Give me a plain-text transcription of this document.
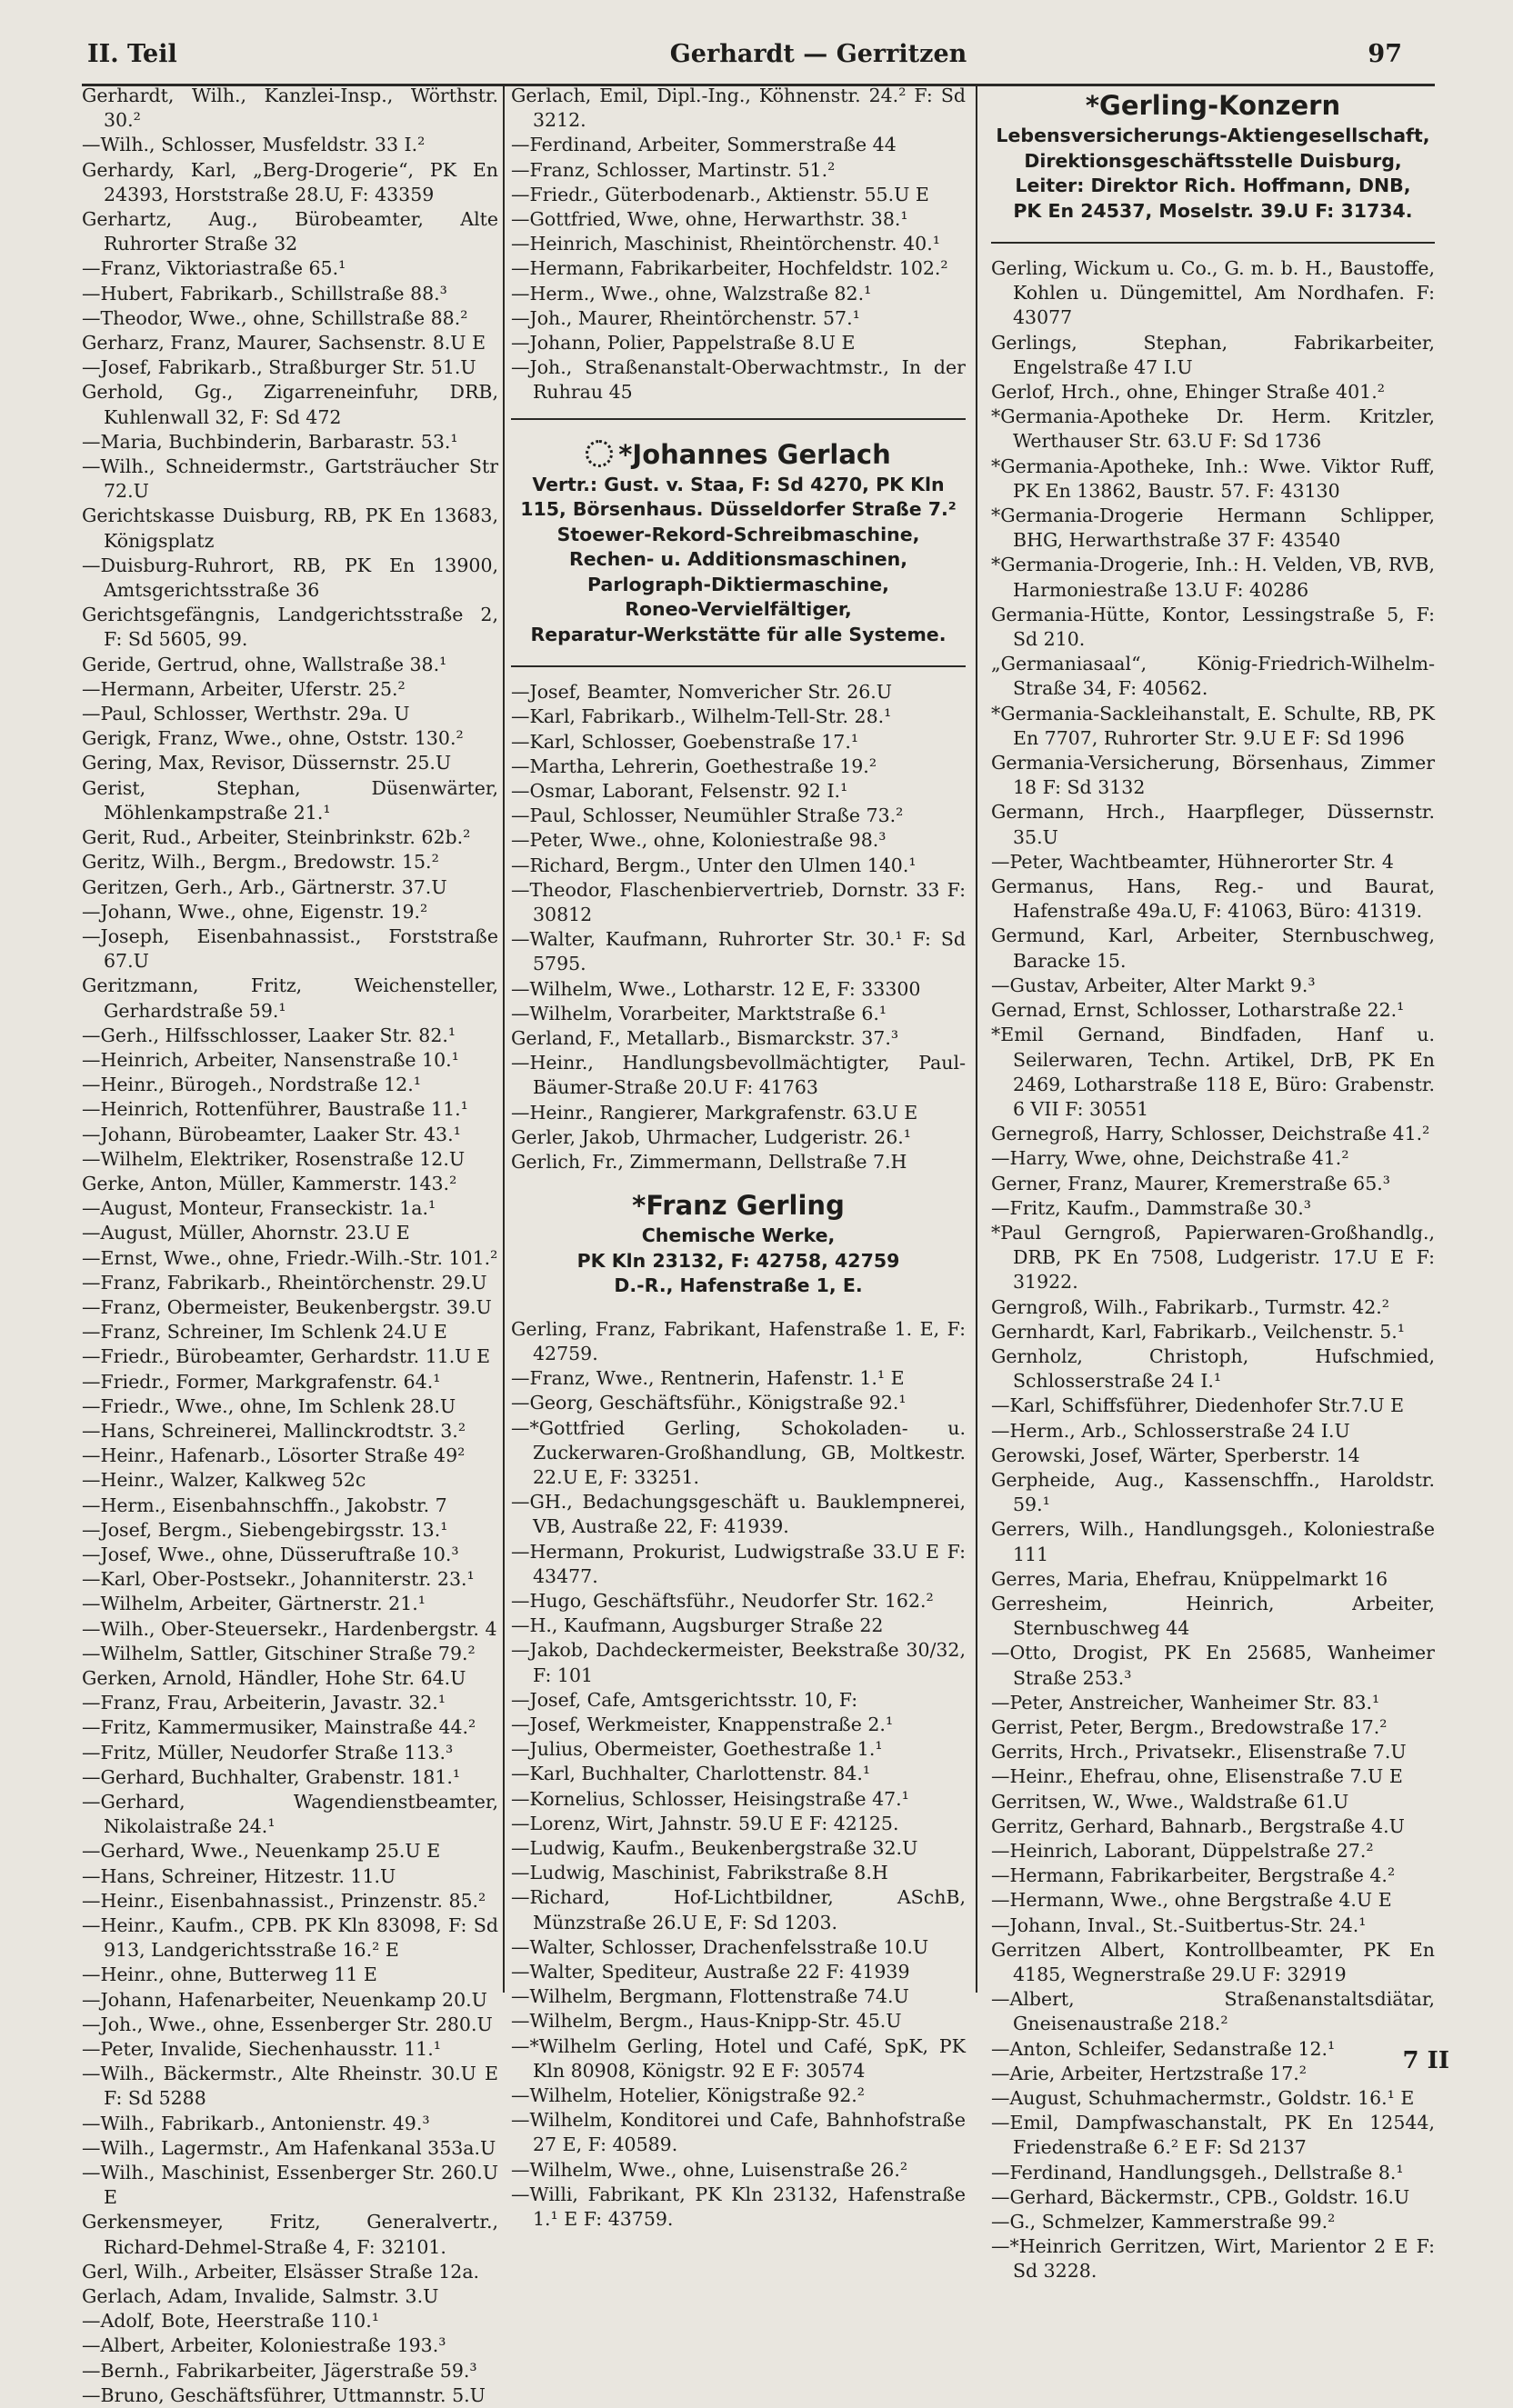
II. Teil	Gerhardt — Gerritzen	97
Gerhardt, Wilh., Kanzlei-Insp., Wörthstr. 30.²
—Wilh., Schlosser, Musfeldstr. 33 I.²
Gerhardy, Karl, „Berg-Drogerie“, PK En 24393, Horststraße 28.U, F: 43359
Gerhartz, Aug., Bürobeamter, Alte Ruhrorter Straße 32
—Franz, Viktoriastraße 65.¹
—Hubert, Fabrikarb., Schillstraße 88.³
—Theodor, Wwe., ohne, Schillstraße 88.²
Gerharz, Franz, Maurer, Sachsenstr. 8.U E
—Josef, Fabrikarb., Straßburger Str. 51.U
Gerhold, Gg., Zigarreneinfuhr, DRB, Kuhlenwall 32, F: Sd 472
—Maria, Buchbinderin, Barbarastr. 53.¹
—Wilh., Schneidermstr., Gartsträucher Str 72.U
Gerichtskasse Duisburg, RB, PK En 13683, Königsplatz
—Duisburg-Ruhrort, RB, PK En 13900, Amtsgerichtsstraße 36
Gerichtsgefängnis, Landgerichtsstraße 2, F: Sd 5605, 99.
Geride, Gertrud, ohne, Wallstraße 38.¹
—Hermann, Arbeiter, Uferstr. 25.²
—Paul, Schlosser, Werthstr. 29a. U
Gerigk, Franz, Wwe., ohne, Oststr. 130.²
Gering, Max, Revisor, Düssernstr. 25.U
Gerist, Stephan, Düsenwärter, Möhlenkampstraße 21.¹
Gerit, Rud., Arbeiter, Steinbrinkstr. 62b.²
Geritz, Wilh., Bergm., Bredowstr. 15.²
Geritzen, Gerh., Arb., Gärtnerstr. 37.U
—Johann, Wwe., ohne, Eigenstr. 19.²
—Joseph, Eisenbahnassist., Forststraße 67.U
Geritzmann, Fritz, Weichensteller, Gerhardstraße 59.¹
—Gerh., Hilfsschlosser, Laaker Str. 82.¹
—Heinrich, Arbeiter, Nansenstraße 10.¹
—Heinr., Bürogeh., Nordstraße 12.¹
—Heinrich, Rottenführer, Baustraße 11.¹
—Johann, Bürobeamter, Laaker Str. 43.¹
—Wilhelm, Elektriker, Rosenstraße 12.U
Gerke, Anton, Müller, Kammerstr. 143.²
—August, Monteur, Franseckistr. 1a.¹
—August, Müller, Ahornstr. 23.U E
—Ernst, Wwe., ohne, Friedr.-Wilh.-Str. 101.²
—Franz, Fabrikarb., Rheintörchenstr. 29.U
—Franz, Obermeister, Beukenbergstr. 39.U
—Franz, Schreiner, Im Schlenk 24.U E
—Friedr., Bürobeamter, Gerhardstr. 11.U E
—Friedr., Former, Markgrafenstr. 64.¹
—Friedr., Wwe., ohne, Im Schlenk 28.U
—Hans, Schreinerei, Mallinckrodtstr. 3.²
—Heinr., Hafenarb., Lösorter Straße 49²
—Heinr., Walzer, Kalkweg 52c
—Herm., Eisenbahnschffn., Jakobstr. 7
—Josef, Bergm., Siebengebirgsstr. 13.¹
—Josef, Wwe., ohne, Düsseruftraße 10.³
—Karl, Ober-Postsekr., Johanniterstr. 23.¹
—Wilhelm, Arbeiter, Gärtnerstr. 21.¹
—Wilh., Ober-Steuersekr., Hardenbergstr. 4
—Wilhelm, Sattler, Gitschiner Straße 79.²
Gerken, Arnold, Händler, Hohe Str. 64.U
—Franz, Frau, Arbeiterin, Javastr. 32.¹
—Fritz, Kammermusiker, Mainstraße 44.²
—Fritz, Müller, Neudorfer Straße 113.³
—Gerhard, Buchhalter, Grabenstr. 181.¹
—Gerhard, Wagendienstbeamter, Nikolaistraße 24.¹
—Gerhard, Wwe., Neuenkamp 25.U E
—Hans, Schreiner, Hitzestr. 11.U
—Heinr., Eisenbahnassist., Prinzenstr. 85.²
—Heinr., Kaufm., CPB. PK Kln 83098, F: Sd 913, Landgerichtsstraße 16.² E
—Heinr., ohne, Butterweg 11 E
—Johann, Hafenarbeiter, Neuenkamp 20.U
—Joh., Wwe., ohne, Essenberger Str. 280.U
—Peter, Invalide, Siechenhausstr. 11.¹
—Wilh., Bäckermstr., Alte Rheinstr. 30.U E F: Sd 5288
—Wilh., Fabrikarb., Antonienstr. 49.³
—Wilh., Lagermstr., Am Hafenkanal 353a.U
—Wilh., Maschinist, Essenberger Str. 260.U E
Gerkensmeyer, Fritz, Generalvertr., Richard-Dehmel-Straße 4, F: 32101.
Gerl, Wilh., Arbeiter, Elsässer Straße 12a.
Gerlach, Adam, Invalide, Salmstr. 3.U
—Adolf, Bote, Heerstraße 110.¹
—Albert, Arbeiter, Koloniestraße 193.³
—Bernh., Fabrikarbeiter, Jägerstraße 59.³
—Bruno, Geschäftsführer, Uttmannstr. 5.U
Gerlach, Emil, Dipl.-Ing., Köhnenstr. 24.² F: Sd 3212.
—Ferdinand, Arbeiter, Sommerstraße 44
—Franz, Schlosser, Martinstr. 51.²
—Friedr., Güterbodenarb., Aktienstr. 55.U E
—Gottfried, Wwe, ohne, Herwarthstr. 38.¹
—Heinrich, Maschinist, Rheintörchenstr. 40.¹
—Hermann, Fabrikarbeiter, Hochfeldstr. 102.²
—Herm., Wwe., ohne, Walzstraße 82.¹
—Joh., Maurer, Rheintörchenstr. 57.¹
—Johann, Polier, Pappelstraße 8.U E
—Joh., Straßenanstalt-Oberwachtmstr., In der Ruhrau 45
*Johannes Gerlach
Vertr.: Gust. v. Staa, F: Sd 4270, PK Kln 115, Börsenhaus. Düsseldorfer Straße 7.²
Stoewer-Rekord-Schreibmaschine,
Rechen- u. Additionsmaschinen,
Parlograph-Diktiermaschine,
Roneo-Vervielfältiger,
Reparatur-Werkstätte für alle Systeme.
—Josef, Beamter, Nomvericher Str. 26.U
—Karl, Fabrikarb., Wilhelm-Tell-Str. 28.¹
—Karl, Schlosser, Goebenstraße 17.¹
—Martha, Lehrerin, Goethestraße 19.²
—Osmar, Laborant, Felsenstr. 92 I.¹
—Paul, Schlosser, Neumühler Straße 73.²
—Peter, Wwe., ohne, Koloniestraße 98.³
—Richard, Bergm., Unter den Ulmen 140.¹
—Theodor, Flaschenbiervertrieb, Dornstr. 33 F: 30812
—Walter, Kaufmann, Ruhrorter Str. 30.¹ F: Sd 5795.
—Wilhelm, Wwe., Lotharstr. 12 E, F: 33300
—Wilhelm, Vorarbeiter, Marktstraße 6.¹
Gerland, F., Metallarb., Bismarckstr. 37.³
—Heinr., Handlungsbevollmächtigter, Paul-Bäumer-Straße 20.U F: 41763
—Heinr., Rangierer, Markgrafenstr. 63.U E
Gerler, Jakob, Uhrmacher, Ludgeristr. 26.¹
Gerlich, Fr., Zimmermann, Dellstraße 7.H
*Franz Gerling
Chemische Werke,
PK Kln 23132, F: 42758, 42759
D.-R., Hafenstraße 1, E.
Gerling, Franz, Fabrikant, Hafenstraße 1. E, F: 42759.
—Franz, Wwe., Rentnerin, Hafenstr. 1.¹ E
—Georg, Geschäftsführ., Königstraße 92.¹
—*Gottfried Gerling, Schokoladen- u. Zuckerwaren-Großhandlung, GB, Moltkestr. 22.U E, F: 33251.
—GH., Bedachungsgeschäft u. Bauklempnerei, VB, Austraße 22, F: 41939.
—Hermann, Prokurist, Ludwigstraße 33.U E F: 43477.
—Hugo, Geschäftsführ., Neudorfer Str. 162.²
—H., Kaufmann, Augsburger Straße 22
—Jakob, Dachdeckermeister, Beekstraße 30/32, F: 101
—Josef, Cafe, Amtsgerichtsstr. 10, F:
—Josef, Werkmeister, Knappenstraße 2.¹
—Julius, Obermeister, Goethestraße 1.¹
—Karl, Buchhalter, Charlottenstr. 84.¹
—Kornelius, Schlosser, Heisingstraße 47.¹
—Lorenz, Wirt, Jahnstr. 59.U E F: 42125.
—Ludwig, Kaufm., Beukenbergstraße 32.U
—Ludwig, Maschinist, Fabrikstraße 8.H
—Richard, Hof-Lichtbildner, ASchB, Münzstraße 26.U E, F: Sd 1203.
—Walter, Schlosser, Drachenfelsstraße 10.U
—Walter, Spediteur, Austraße 22 F: 41939
—Wilhelm, Bergmann, Flottenstraße 74.U
—Wilhelm, Bergm., Haus-Knipp-Str. 45.U
—*Wilhelm Gerling, Hotel und Café, SpK, PK Kln 80908, Königstr. 92 E F: 30574
—Wilhelm, Hotelier, Königstraße 92.²
—Wilhelm, Konditorei und Cafe, Bahnhofstraße 27 E, F: 40589.
—Wilhelm, Wwe., ohne, Luisenstraße 26.²
—Willi, Fabrikant, PK Kln 23132, Hafenstraße 1.¹ E F: 43759.
*Gerling-Konzern
Lebensversicherungs-Aktiengesellschaft,
Direktionsgeschäftsstelle Duisburg,
Leiter: Direktor Rich. Hoffmann, DNB,
PK En 24537, Moselstr. 39.U F: 31734.
Gerling, Wickum u. Co., G. m. b. H., Baustoffe, Kohlen u. Düngemittel, Am Nordhafen. F: 43077
Gerlings, Stephan, Fabrikarbeiter, Engelstraße 47 I.U
Gerlof, Hrch., ohne, Ehinger Straße 401.²
*Germania-Apotheke Dr. Herm. Kritzler, Werthauser Str. 63.U F: Sd 1736
*Germania-Apotheke, Inh.: Wwe. Viktor Ruff, PK En 13862, Baustr. 57. F: 43130
*Germania-Drogerie Hermann Schlipper, BHG, Herwarthstraße 37 F: 43540
*Germania-Drogerie, Inh.: H. Velden, VB, RVB, Harmoniestraße 13.U F: 40286
Germania-Hütte, Kontor, Lessingstraße 5, F: Sd 210.
„Germaniasaal“, König-Friedrich-Wilhelm-Straße 34, F: 40562.
*Germania-Sackleihanstalt, E. Schulte, RB, PK En 7707, Ruhrorter Str. 9.U E F: Sd 1996
Germania-Versicherung, Börsenhaus, Zimmer 18 F: Sd 3132
Germann, Hrch., Haarpfleger, Düssernstr. 35.U
—Peter, Wachtbeamter, Hühnerorter Str. 4
Germanus, Hans, Reg.- und Baurat, Hafenstraße 49a.U, F: 41063, Büro: 41319.
Germund, Karl, Arbeiter, Sternbuschweg, Baracke 15.
—Gustav, Arbeiter, Alter Markt 9.³
Gernad, Ernst, Schlosser, Lotharstraße 22.¹
*Emil Gernand, Bindfaden, Hanf u. Seilerwaren, Techn. Artikel, DrB, PK En 2469, Lotharstraße 118 E, Büro: Grabenstr. 6 VII F: 30551
Gernegroß, Harry, Schlosser, Deichstraße 41.²
—Harry, Wwe, ohne, Deichstraße 41.²
Gerner, Franz, Maurer, Kremerstraße 65.³
—Fritz, Kaufm., Dammstraße 30.³
*Paul Gerngroß, Papierwaren-Großhandlg., DRB, PK En 7508, Ludgeristr. 17.U E F: 31922.
Gerngroß, Wilh., Fabrikarb., Turmstr. 42.²
Gernhardt, Karl, Fabrikarb., Veilchenstr. 5.¹
Gernholz, Christoph, Hufschmied, Schlosserstraße 24 I.¹
—Karl, Schiffsführer, Diedenhofer Str.7.U E
—Herm., Arb., Schlosserstraße 24 I.U
Gerowski, Josef, Wärter, Sperberstr. 14
Gerpheide, Aug., Kassenschffn., Haroldstr. 59.¹
Gerrers, Wilh., Handlungsgeh., Koloniestraße 111
Gerres, Maria, Ehefrau, Knüppelmarkt 16
Gerresheim, Heinrich, Arbeiter, Sternbuschweg 44
—Otto, Drogist, PK En 25685, Wanheimer Straße 253.³
—Peter, Anstreicher, Wanheimer Str. 83.¹
Gerrist, Peter, Bergm., Bredowstraße 17.²
Gerrits, Hrch., Privatsekr., Elisenstraße 7.U
—Heinr., Ehefrau, ohne, Elisenstraße 7.U E
Gerritsen, W., Wwe., Waldstraße 61.U
Gerritz, Gerhard, Bahnarb., Bergstraße 4.U
—Heinrich, Laborant, Düppelstraße 27.²
—Hermann, Fabrikarbeiter, Bergstraße 4.²
—Hermann, Wwe., ohne Bergstraße 4.U E
—Johann, Inval., St.-Suitbertus-Str. 24.¹
Gerritzen Albert, Kontrollbeamter, PK En 4185, Wegnerstraße 29.U F: 32919
—Albert, Straßenanstaltsdiätar, Gneisenaustraße 218.²
—Anton, Schleifer, Sedanstraße 12.¹
—Arie, Arbeiter, Hertzstraße 17.²
—August, Schuhmachermstr., Goldstr. 16.¹ E
—Emil, Dampfwaschanstalt, PK En 12544, Friedenstraße 6.² E F: Sd 2137
—Ferdinand, Handlungsgeh., Dellstraße 8.¹
—Gerhard, Bäckermstr., CPB., Goldstr. 16.U
—G., Schmelzer, Kammerstraße 99.²
—*Heinrich Gerritzen, Wirt, Marientor 2 E F: Sd 3228.
7 II
